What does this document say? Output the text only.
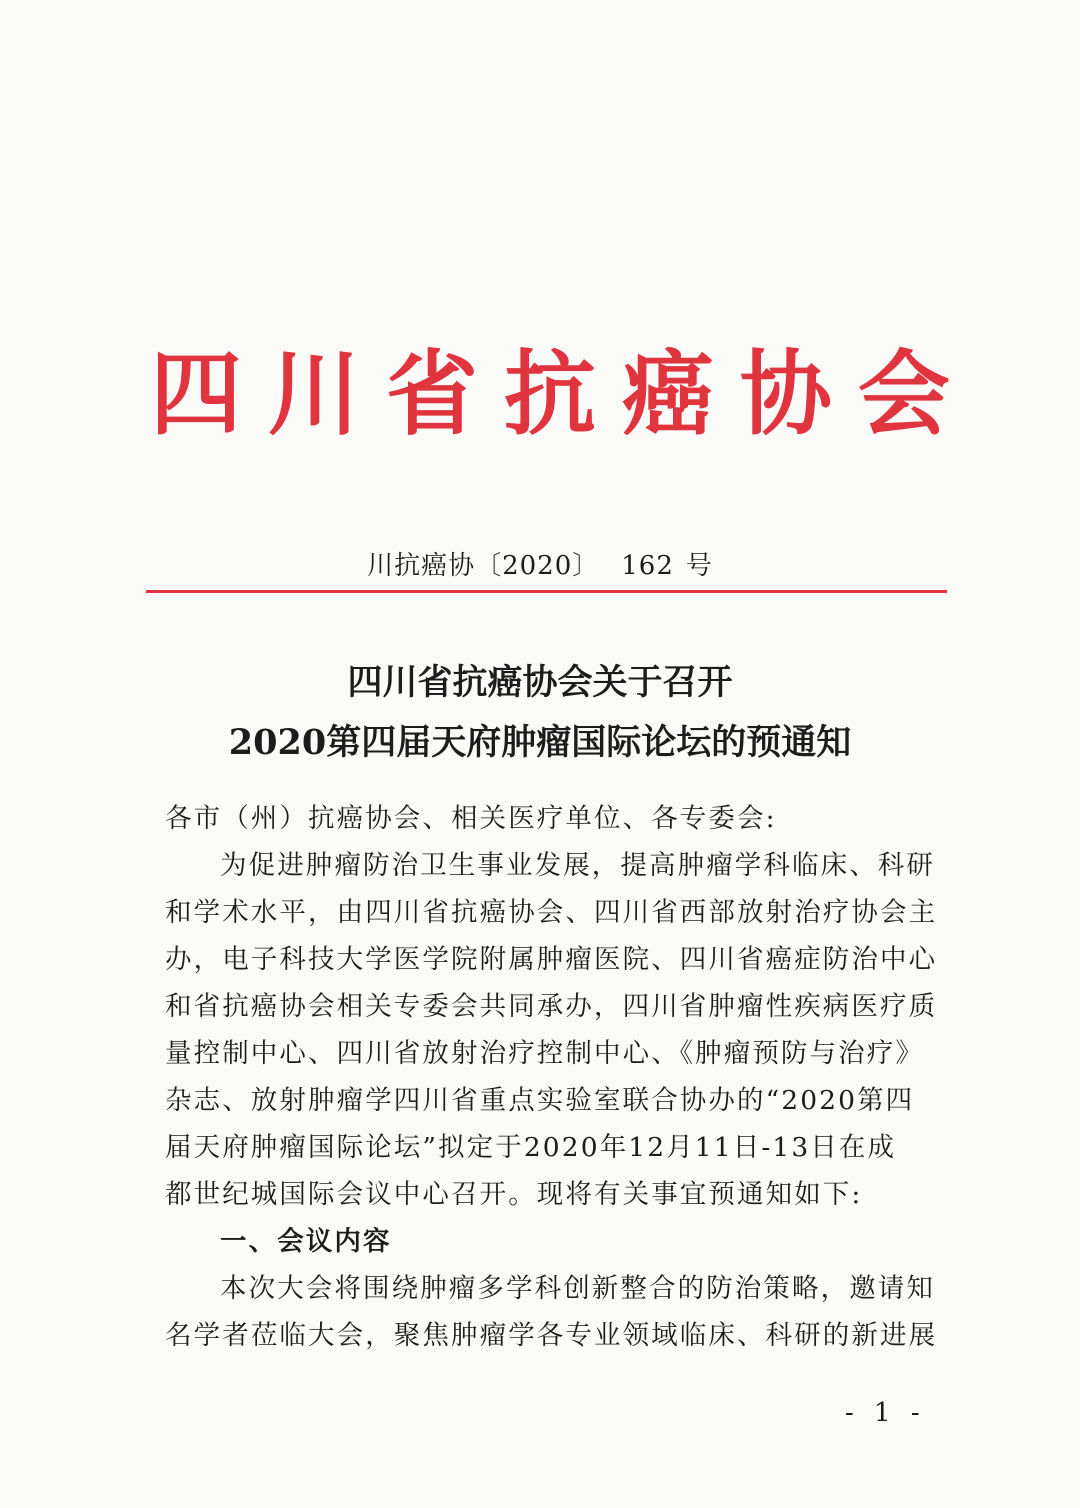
四 川 省 抗 癌 协 会
川抗癌协〔2020〕 162 号
四川省抗癌协会关于召开
2020第四届天府肿瘤国际论坛的预通知
各市（州）抗癌协会、相关医疗单位、各专委会:
为促进肿瘤防治卫生事业发展，提高肿瘤学科临床、科研
和学术水平，由四川省抗癌协会、四川省西部放射治疗协会主
办，电子科技大学医学院附属肿瘤医院、四川省癌症防治中心
和省抗癌协会相关专委会共同承办，四川省肿瘤性疾病医疗质
量控制中心、四川省放射治疗控制中心、《肿瘤预防与治疗》
杂志、放射肿瘤学四川省重点实验室联合协办的“2020第四
届天府肿瘤国际论坛”拟定于2020年12月11日-13日在成
都世纪城国际会议中心召开。现将有关事宜预通知如下:
一、会议内容
本次大会将围绕肿瘤多学科创新整合的防治策略，邀请知
名学者莅临大会，聚焦肿瘤学各专业领域临床、科研的新进展
- 1 -
